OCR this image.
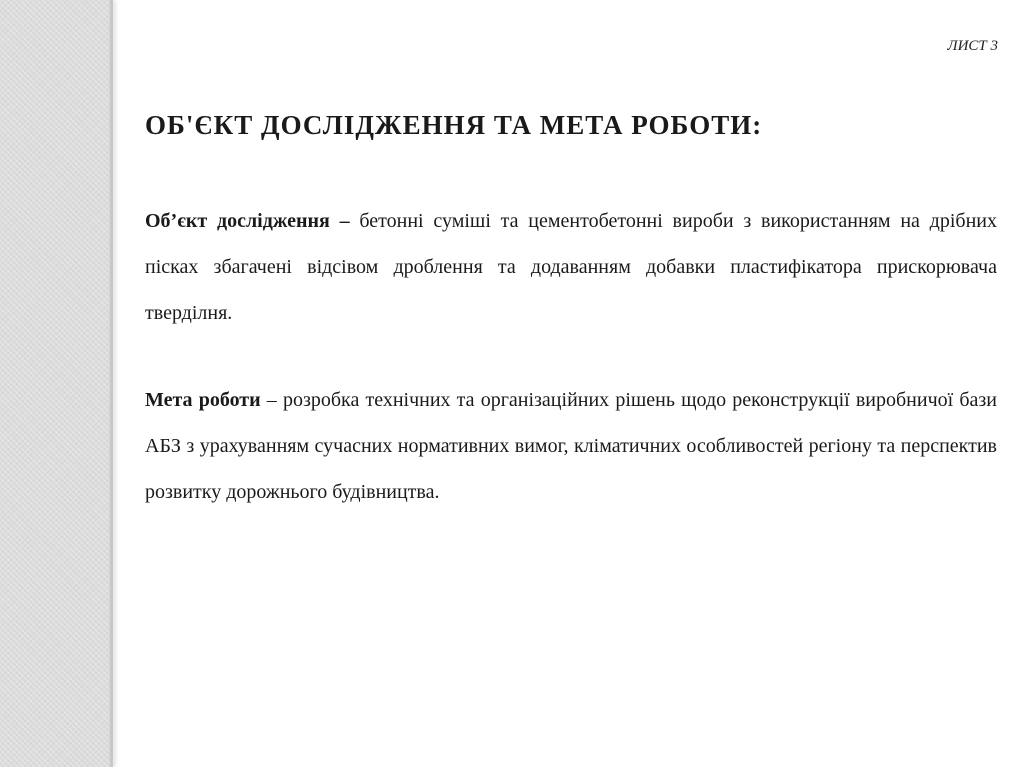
ЛИСТ 3
ОБ'ЄКТ ДОСЛІДЖЕННЯ ТА МЕТА РОБОТИ:

Об’єкт дослідження – бетонні суміші та цементобетонні вироби з використанням на дрібних пісках збагачені відсівом дроблення та додаванням добавки пластифікатора прискорювача тверділня.

Мета роботи – розробка технічних та організаційних рішень щодо реконструкції виробничої бази АБЗ з урахуванням сучасних нормативних вимог, кліматичних особливостей регіону та перспектив розвитку дорожнього будівництва.
